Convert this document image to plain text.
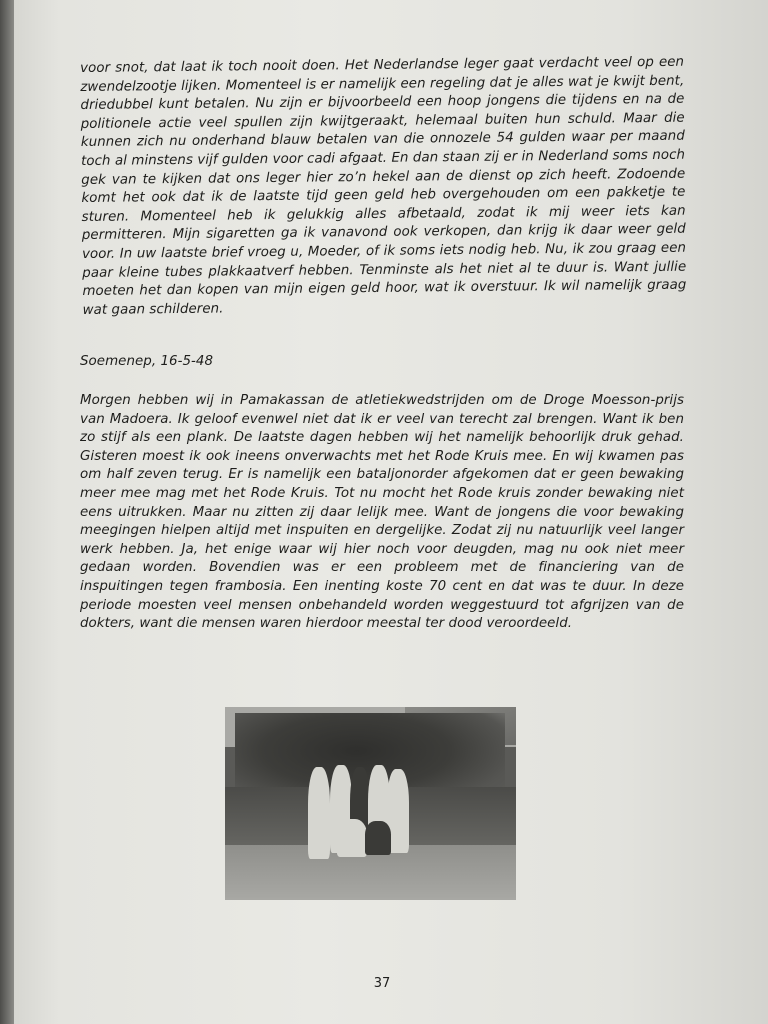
voor snot, dat laat ik toch nooit doen. Het Nederlandse leger gaat verdacht veel op een zwendelzootje lijken. Momenteel is er namelijk een regeling dat je alles wat je kwijt bent, driedubbel kunt betalen. Nu zijn er bijvoorbeeld een hoop jongens die tijdens en na de politionele actie veel spullen zijn kwijtgeraakt, helemaal buiten hun schuld. Maar die kunnen zich nu onderhand blauw betalen van die onnozele 54 gulden waar per maand toch al minstens vijf gulden voor cadi afgaat. En dan staan zij er in Nederland soms noch gek van te kijken dat ons leger hier zo’n hekel aan de dienst op zich heeft. Zodoende komt het ook dat ik de laatste tijd geen geld heb overgehouden om een pakketje te sturen. Momenteel heb ik gelukkig alles afbetaald, zodat ik mij weer iets kan permitteren. Mijn sigaretten ga ik vanavond ook verkopen, dan krijg ik daar weer geld voor. In uw laatste brief vroeg u, Moeder, of ik soms iets nodig heb. Nu, ik zou graag een paar kleine tubes plakkaatverf hebben. Tenminste als het niet al te duur is. Want jullie moeten het dan kopen van mijn eigen geld hoor, wat ik overstuur. Ik wil namelijk graag wat gaan schilderen.

Soemenep, 16-5-48

Morgen hebben wij in Pamakassan de atletiekwedstrijden om de Droge Moesson-prijs van Madoera. Ik geloof evenwel niet dat ik er veel van terecht zal brengen. Want ik ben zo stijf als een plank. De laatste dagen hebben wij het namelijk behoorlijk druk gehad. Gisteren moest ik ook ineens onverwachts met het Rode Kruis mee. En wij kwamen pas om half zeven terug. Er is namelijk een bataljonorder afgekomen dat er geen bewaking meer mee mag met het Rode Kruis. Tot nu mocht het Rode kruis zonder bewaking niet eens uitrukken. Maar nu zitten zij daar lelijk mee. Want de jongens die voor bewaking meegingen hielpen altijd met inspuiten en dergelijke. Zodat zij nu natuurlijk veel langer werk hebben. Ja, het enige waar wij hier noch voor deugden, mag nu ook niet meer gedaan worden. Bovendien was er een probleem met de financiering van de inspuitingen tegen frambosia. Een inenting koste 70 cent en dat was te duur. In deze periode moesten veel mensen onbehandeld worden weggestuurd tot afgrijzen van de dokters, want die mensen waren hierdoor meestal ter dood veroordeeld.

37
